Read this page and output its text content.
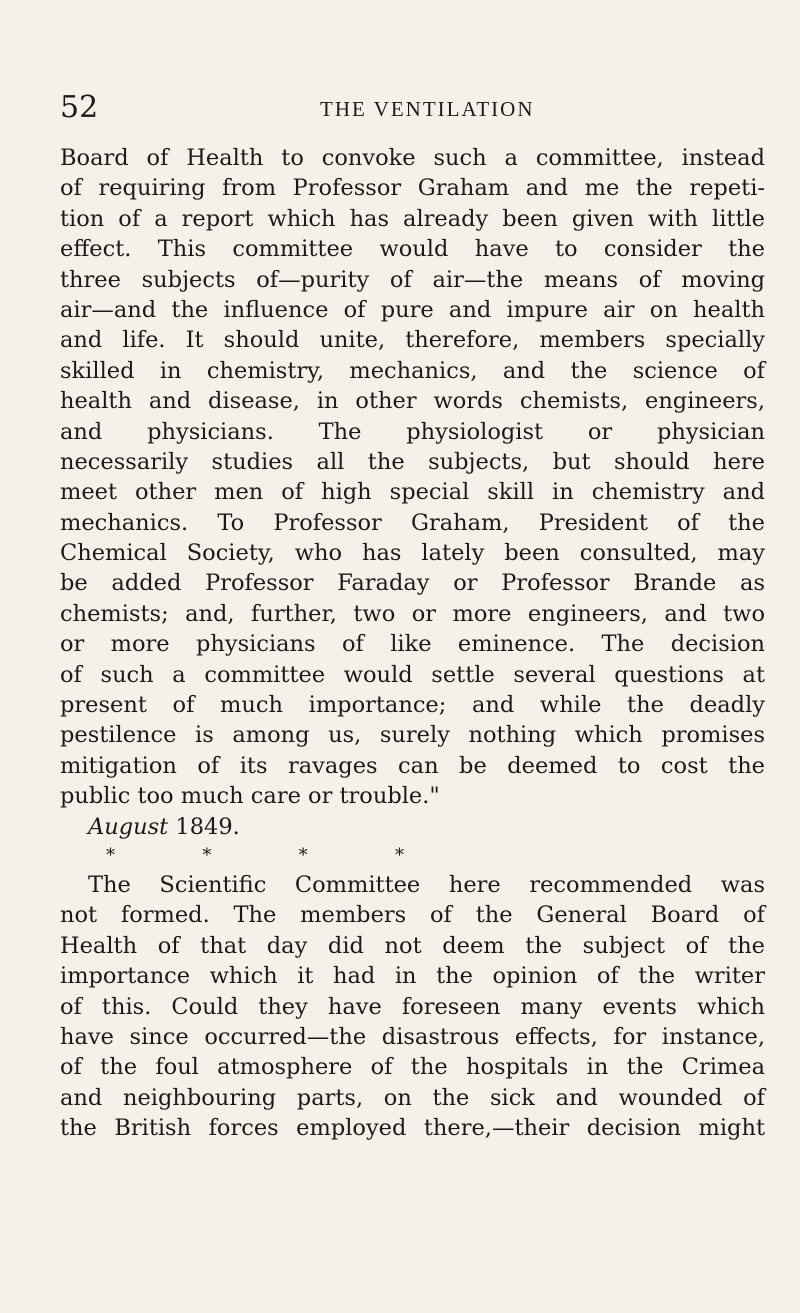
52	THE VENTILATION
Board of Health to convoke such a committee, instead
of requiring from Professor Graham and me the repeti-
tion of a report which has already been given with little
effect. This committee would have to consider the
three subjects of—purity of air—the means of moving
air—and the influence of pure and impure air on health
and life. It should unite, therefore, members specially
skilled in chemistry, mechanics, and the science of
health and disease, in other words chemists, engineers,
and physicians. The physiologist or physician
necessarily studies all the subjects, but should here
meet other men of high special skill in chemistry and
mechanics. To Professor Graham, President of the
Chemical Society, who has lately been consulted, may
be added Professor Faraday or Professor Brande as
chemists; and, further, two or more engineers, and two
or more physicians of like eminence. The decision
of such a committee would settle several questions at
present of much importance; and while the deadly
pestilence is among us, surely nothing which promises
mitigation of its ravages can be deemed to cost the
public too much care or trouble."
August 1849.
*	*	*	*
The Scientific Committee here recommended was
not formed. The members of the General Board of
Health of that day did not deem the subject of the
importance which it had in the opinion of the writer
of this. Could they have foreseen many events which
have since occurred—the disastrous effects, for instance,
of the foul atmosphere of the hospitals in the Crimea
and neighbouring parts, on the sick and wounded of
the British forces employed there,—their decision might
